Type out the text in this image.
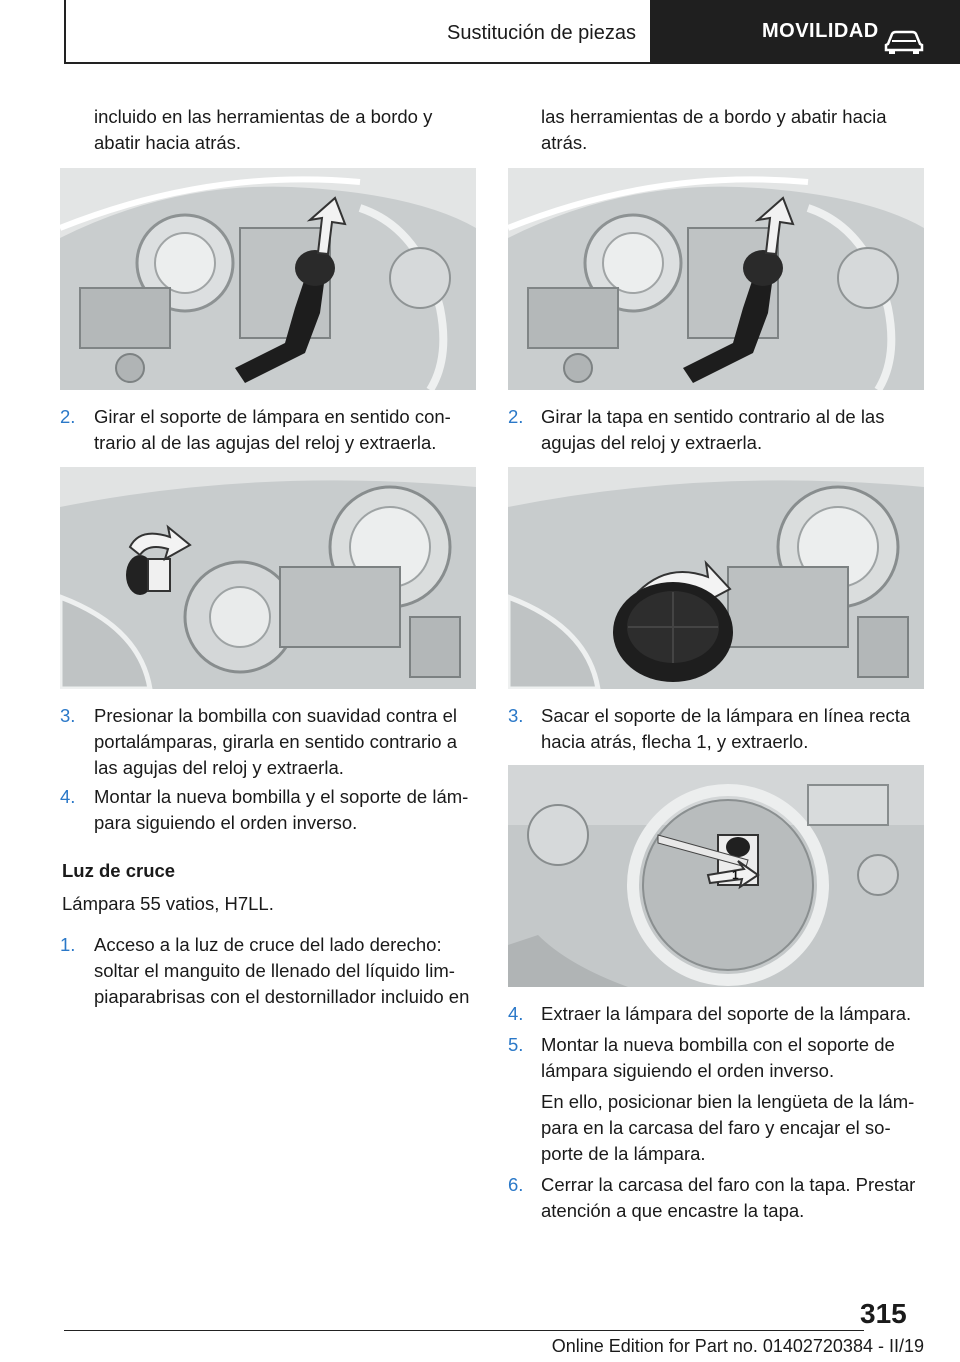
Sustitución de piezas	MOVILIDAD
incluido en las herramientas de a bordo y
abatir hacia atrás.
2. Girar el soporte de lámpara en sentido con‐
trario al de las agujas del reloj y extraerla.
3. Presionar la bombilla con suavidad contra el
portalámparas, girarla en sentido contrario a
las agujas del reloj y extraerla.
4. Montar la nueva bombilla y el soporte de lám‐
para siguiendo el orden inverso.
Luz de cruce
Lámpara 55 vatios, H7LL.
1. Acceso a la luz de cruce del lado derecho:
soltar el manguito de llenado del líquido lim‐
piaparabrisas con el destornillador incluido en
las herramientas de a bordo y abatir hacia
atrás.
2. Girar la tapa en sentido contrario al de las
agujas del reloj y extraerla.
3. Sacar el soporte de la lámpara en línea recta
hacia atrás, flecha 1, y extraerlo.
1
4. Extraer la lámpara del soporte de la lámpara.
5. Montar la nueva bombilla con el soporte de
lámpara siguiendo el orden inverso.
En ello, posicionar bien la lengüeta de la lám‐
para en la carcasa del faro y encajar el so‐
porte de la lámpara.
6. Cerrar la carcasa del faro con la tapa. Prestar
atención a que encastre la tapa.
315
Online Edition for Part no. 01402720384 - II/19
